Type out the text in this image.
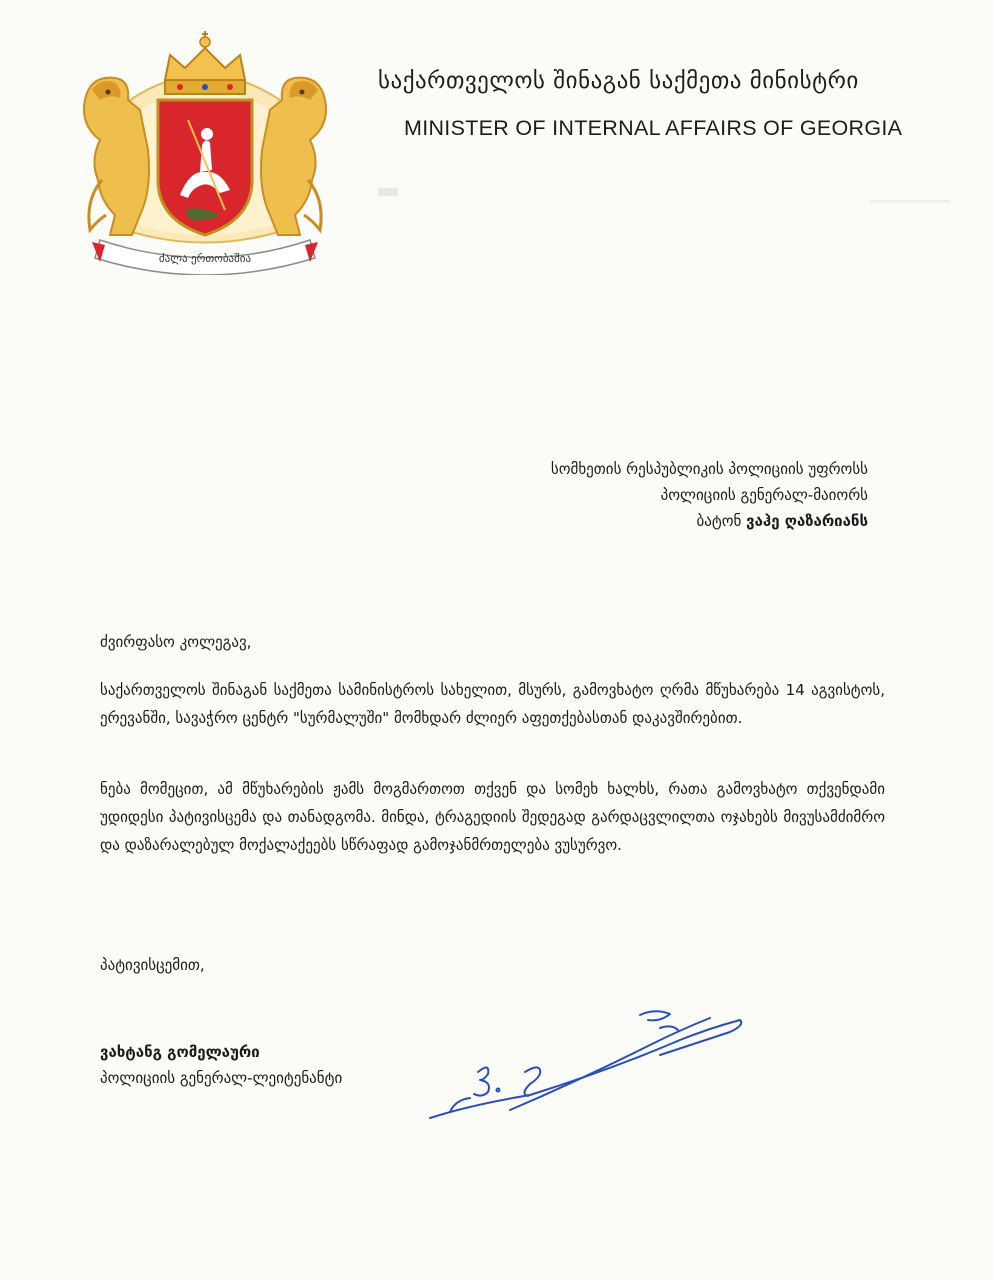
ძალა ერთობაშია
საქართველოს შინაგან საქმეთა მინისტრი
MINISTER OF INTERNAL AFFAIRS OF GEORGIA
სომხეთის რესპუბლიკის პოლიციის უფროსს
პოლიციის გენერალ-მაიორს
ბატონ ვაჰე ღაზარიანს
ძვირფასო კოლეგავ,
საქართველოს შინაგან საქმეთა სამინისტროს სახელით, მსურს, გამოვხატო ღრმა მწუხარება 14 აგვისტოს, ერევანში, სავაჭრო ცენტრ "სურმალუში" მომხდარ ძლიერ აფეთქებასთან დაკავშირებით.
ნება მომეცით, ამ მწუხარების ჟამს მოგმართოთ თქვენ და სომეხ ხალხს, რათა გამოვხატო თქვენდამი უდიდესი პატივისცემა და თანადგომა. მინდა, ტრაგედიის შედეგად გარდაცვლილთა ოჯახებს მივუსამძიმრო და დაზარალებულ მოქალაქეებს სწრაფად გამოჯანმრთელება ვუსურვო.
პატივისცემით,
ვახტანგ გომელაური
პოლიციის გენერალ-ლეიტენანტი
